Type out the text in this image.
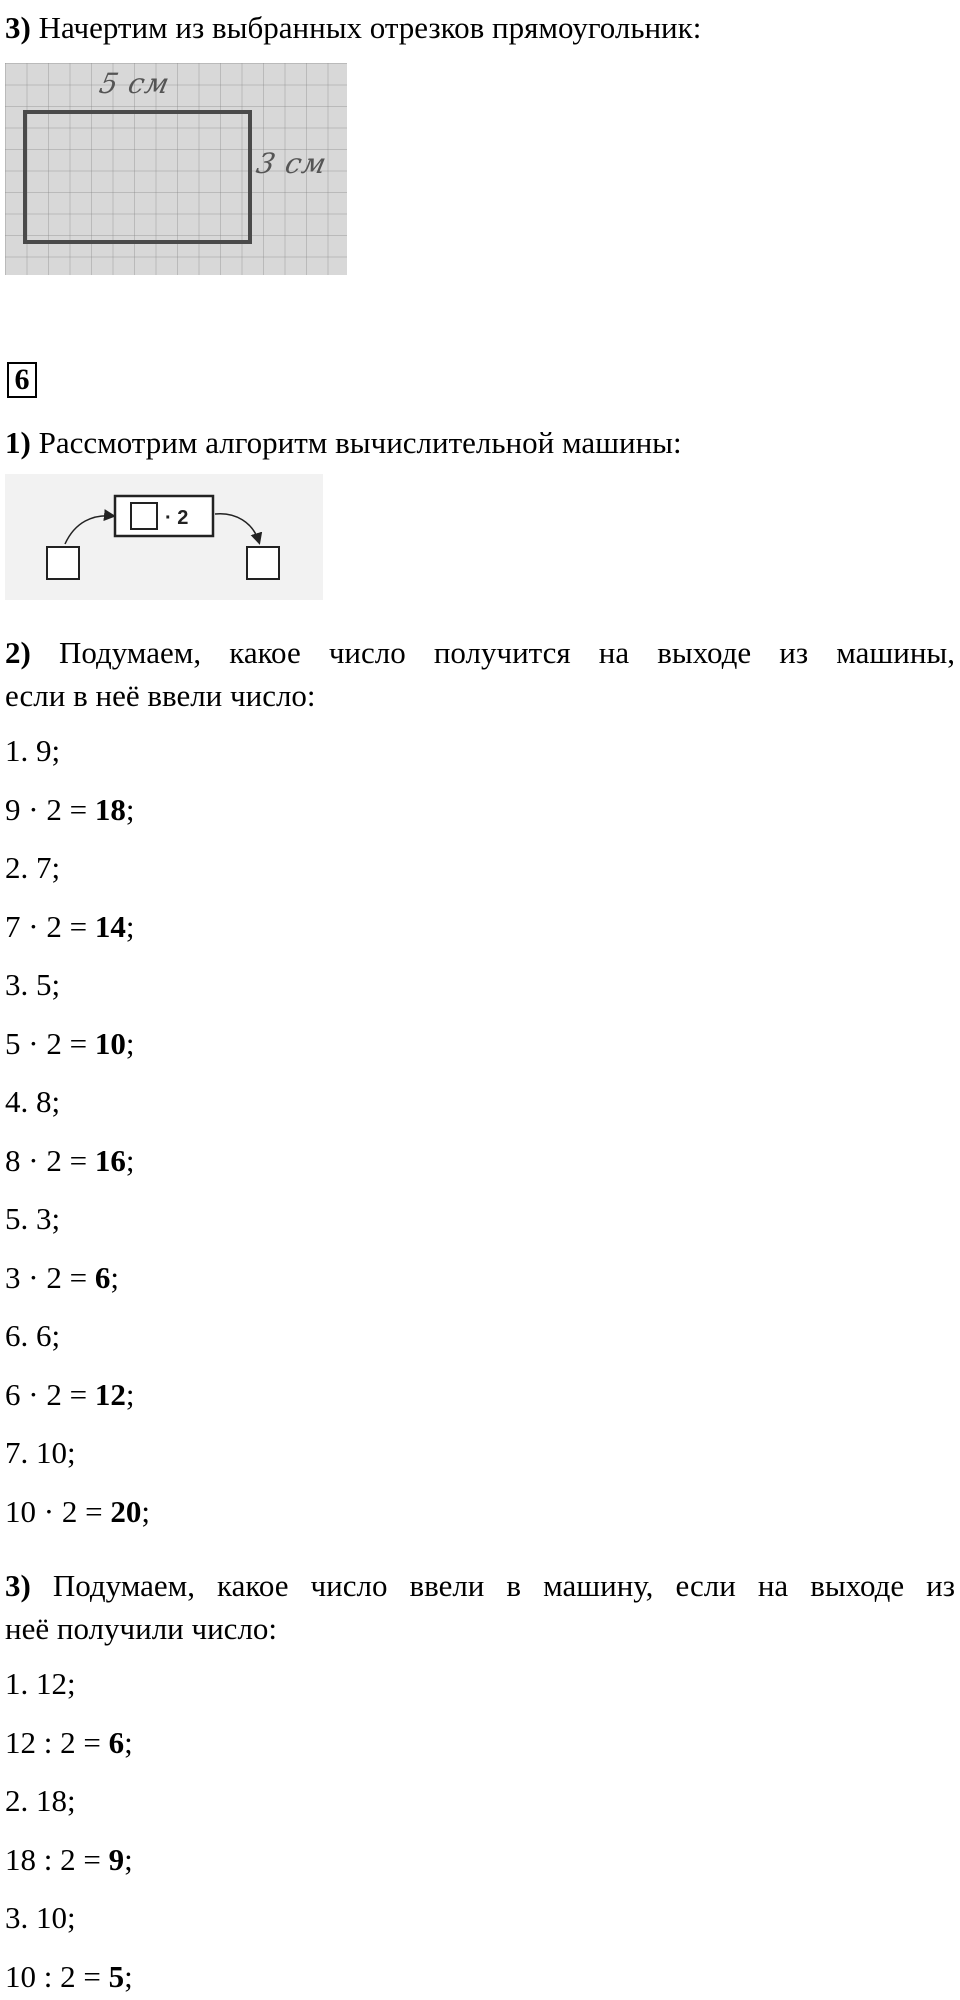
3) Начертим из выбранных отрезков прямоугольник:
5 см
3 см
6
1) Рассмотрим алгоритм вычислительной машины:
· 2
2) Подумаем, какое число получится на выходе из машины,
если в неё ввели число:
1. 9;
9 · 2 = 18;
2. 7;
7 · 2 = 14;
3. 5;
5 · 2 = 10;
4. 8;
8 · 2 = 16;
5. 3;
3 · 2 = 6;
6. 6;
6 · 2 = 12;
7. 10;
10 · 2 = 20;
3) Подумаем, какое число ввели в машину, если на выходе из
неё получили число:
1. 12;
12 : 2 = 6;
2. 18;
18 : 2 = 9;
3. 10;
10 : 2 = 5;
